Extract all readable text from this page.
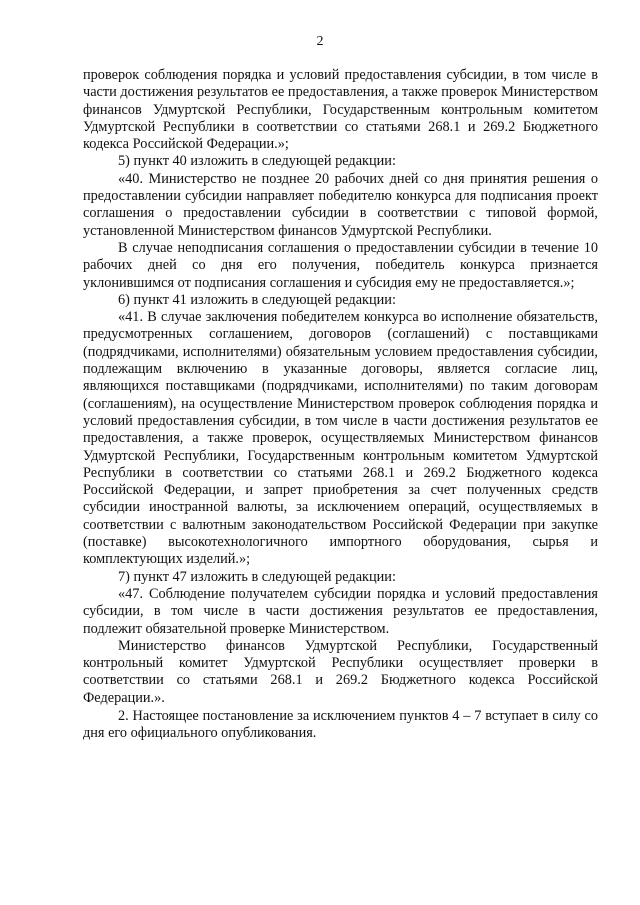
2

проверок соблюдения порядка и условий предоставления субсидии, в том числе в части достижения результатов ее предоставления, а также проверок Министерством финансов Удмуртской Республики, Государственным контрольным комитетом Удмуртской Республики в соответствии со статьями 268.1 и 269.2 Бюджетного кодекса Российской Федерации.»;

5) пункт 40 изложить в следующей редакции:

«40. Министерство не позднее 20 рабочих дней со дня принятия решения о предоставлении субсидии направляет победителю конкурса для подписания проект соглашения о предоставлении субсидии в соответствии с типовой формой, установленной Министерством финансов Удмуртской Республики.

В случае неподписания соглашения о предоставлении субсидии в течение 10 рабочих дней со дня его получения, победитель конкурса признается уклонившимся от подписания соглашения и субсидия ему не предоставляется.»;

6) пункт 41 изложить в следующей редакции:

«41. В случае заключения победителем конкурса во исполнение обязательств, предусмотренных соглашением, договоров (соглашений) с поставщиками (подрядчиками, исполнителями) обязательным условием предоставления субсидии, подлежащим включению в указанные договоры, является согласие лиц, являющихся поставщиками (подрядчиками, исполнителями) по таким договорам (соглашениям), на осуществление Министерством проверок соблюдения порядка и условий предоставления субсидии, в том числе в части достижения результатов ее предоставления, а также проверок, осуществляемых Министерством финансов Удмуртской Республики, Государственным контрольным комитетом Удмуртской Республики в соответствии со статьями 268.1 и 269.2 Бюджетного кодекса Российской Федерации, и запрет приобретения за счет полученных средств субсидии иностранной валюты, за исключением операций, осуществляемых в соответствии с валютным законодательством Российской Федерации при закупке (поставке) высокотехнологичного импортного оборудования, сырья и комплектующих изделий.»;

7) пункт 47 изложить в следующей редакции:

«47. Соблюдение получателем субсидии порядка и условий предоставления субсидии, в том числе в части достижения результатов ее предоставления, подлежит обязательной проверке Министерством.

Министерство финансов Удмуртской Республики, Государственный контрольный комитет Удмуртской Республики осуществляет проверки в соответствии со статьями 268.1 и 269.2 Бюджетного кодекса Российской Федерации.».

2. Настоящее постановление за исключением пунктов 4 – 7 вступает в силу со дня его официального опубликования.
